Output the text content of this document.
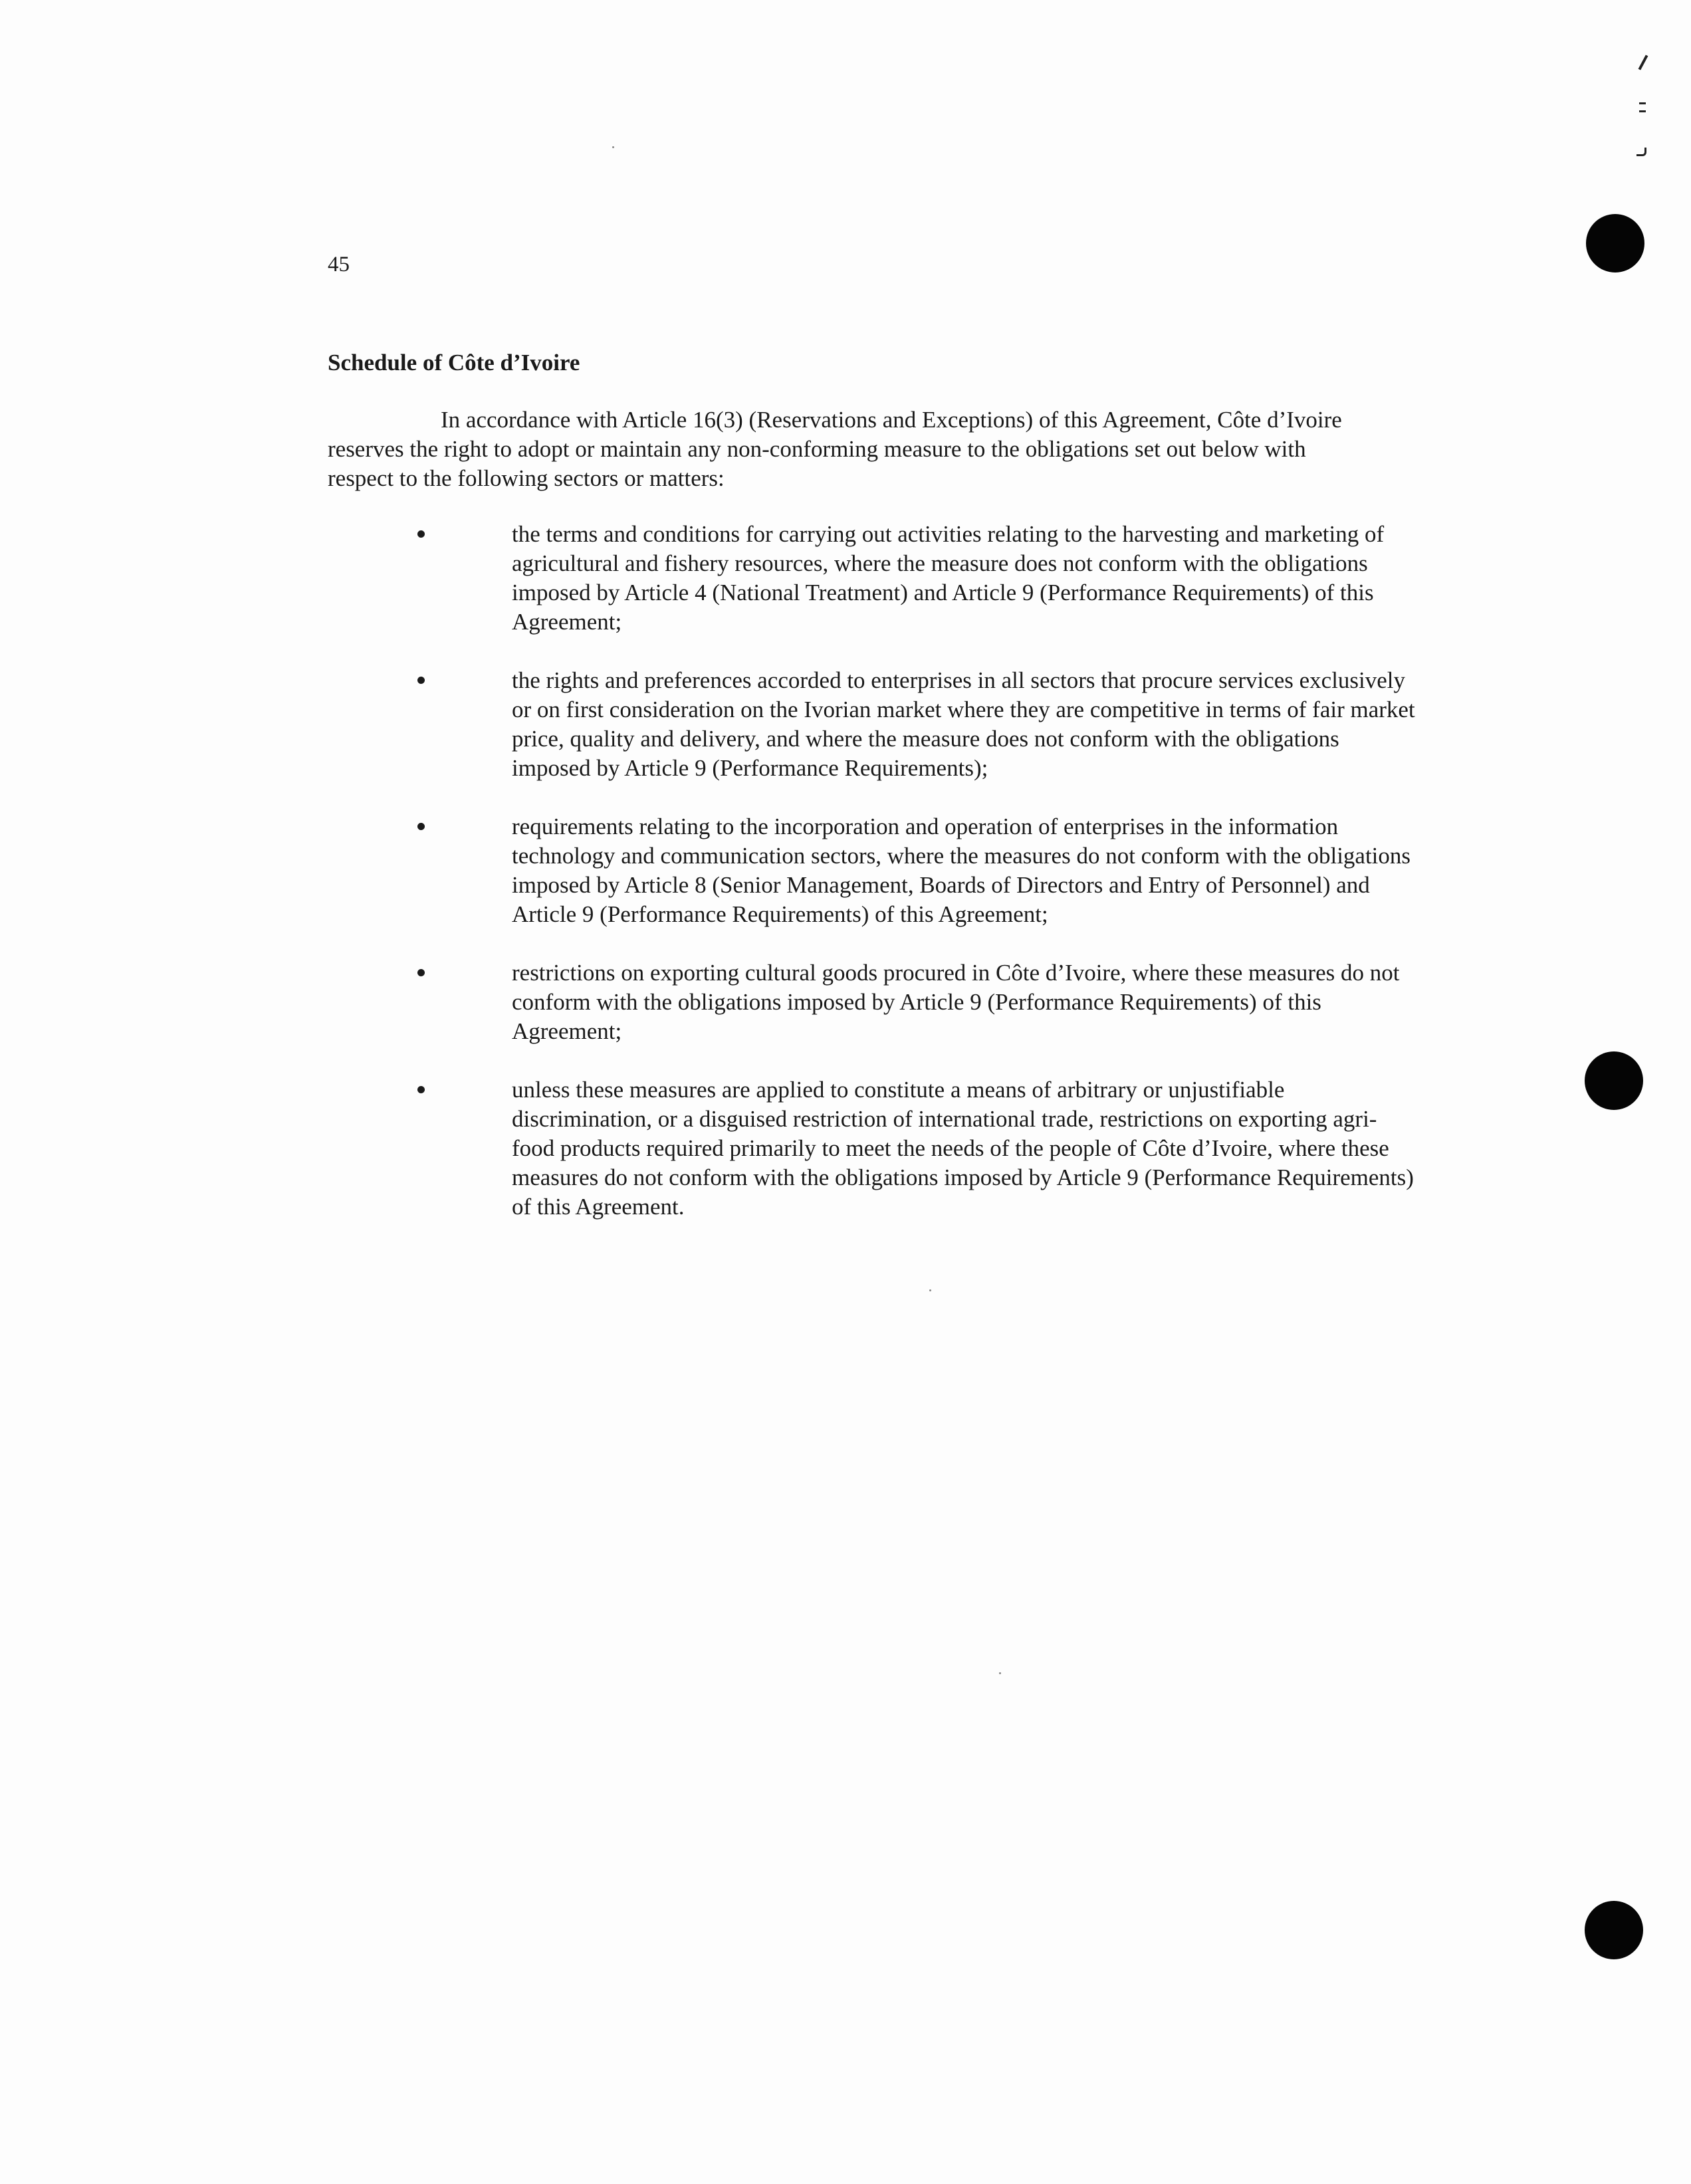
45
Schedule of Côte d’Ivoire

In accordance with Article 16(3) (Reservations and Exceptions) of this Agreement, Côte d’Ivoire reserves the right to adopt or maintain any non-conforming measure to the obligations set out below with respect to the following sectors or matters:

the terms and conditions for carrying out activities relating to the harvesting and marketing of agricultural and fishery resources, where the measure does not conform with the obligations imposed by Article 4 (National Treatment) and Article 9 (Performance Requirements) of this Agreement;
the rights and preferences accorded to enterprises in all sectors that procure services exclusively or on first consideration on the Ivorian market where they are competitive in terms of fair market price, quality and delivery, and where the measure does not conform with the obligations imposed by Article 9 (Performance Requirements);
requirements relating to the incorporation and operation of enterprises in the information technology and communication sectors, where the measures do not conform with the obligations imposed by Article 8 (Senior Management, Boards of Directors and Entry of Personnel) and Article 9 (Performance Requirements) of this Agreement;
restrictions on exporting cultural goods procured in Côte d’Ivoire, where these measures do not conform with the obligations imposed by Article 9 (Performance Requirements) of this Agreement;
unless these measures are applied to constitute a means of arbitrary or unjustifiable discrimination, or a disguised restriction of international trade, restrictions on exporting agri-food products required primarily to meet the needs of the people of Côte d’Ivoire, where these measures do not conform with the obligations imposed by Article 9 (Performance Requirements) of this Agreement.
